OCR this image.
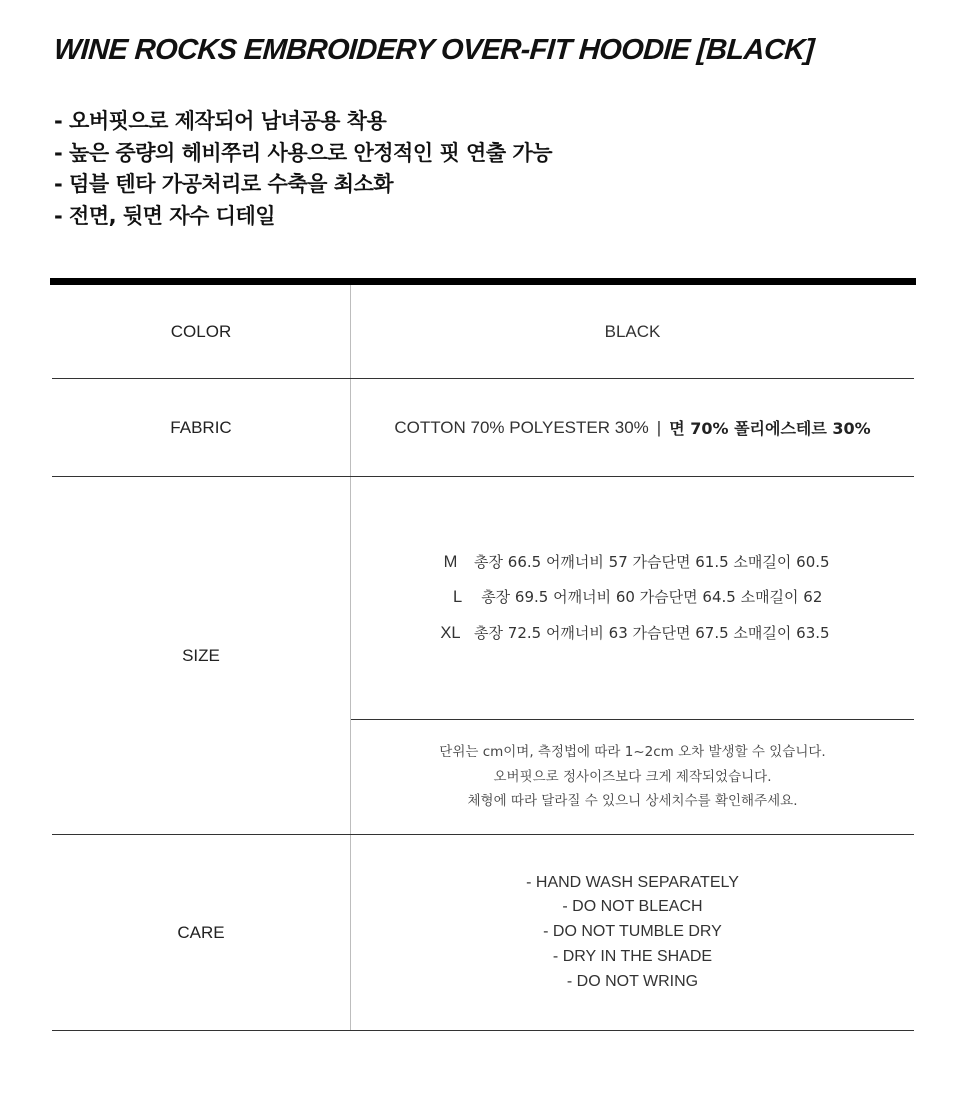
WINE ROCKS EMBROIDERY OVER-FIT HOODIE [BLACK]
- 오버핏으로 제작되어 남녀공용 착용
- 높은 중량의 헤비쭈리 사용으로 안정적인 핏 연출 가능
- 덤블 텐타 가공처리로 수축을 최소화
- 전면, 뒷면 자수 디테일
COLOR	BLACK
FABRIC	COTTON 70% POLYESTER 30% | 면 70% 폴리에스테르 30%
SIZE
M 총장 66.5 어깨너비 57 가슴단면 61.5 소매길이 60.5
L 총장 69.5 어깨너비 60 가슴단면 64.5 소매길이 62
XL 총장 72.5 어깨너비 63 가슴단면 67.5 소매길이 63.5
단위는 cm이며, 측정법에 따라 1~2cm 오차 발생할 수 있습니다.
오버핏으로 정사이즈보다 크게 제작되었습니다.
체형에 따라 달라질 수 있으니 상세치수를 확인해주세요.
CARE
- HAND WASH SEPARATELY
- DO NOT BLEACH
- DO NOT TUMBLE DRY
- DRY IN THE SHADE
- DO NOT WRING
